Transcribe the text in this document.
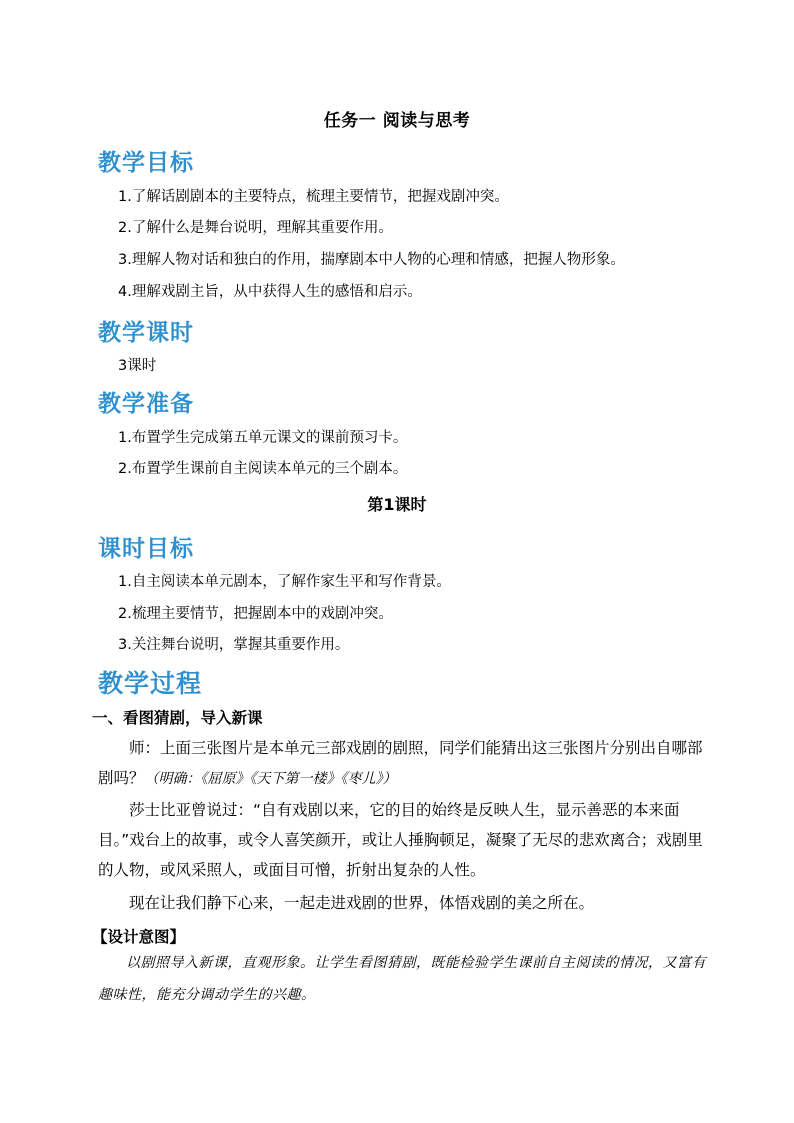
任务一 阅读与思考
教学目标
1.了解话剧剧本的主要特点，梳理主要情节，把握戏剧冲突。
2.了解什么是舞台说明，理解其重要作用。
3.理解人物对话和独白的作用，揣摩剧本中人物的心理和情感，把握人物形象。
4.理解戏剧主旨，从中获得人生的感悟和启示。
教学课时
3课时
教学准备
1.布置学生完成第五单元课文的课前预习卡。
2.布置学生课前自主阅读本单元的三个剧本。
第1课时
课时目标
1.自主阅读本单元剧本，了解作家生平和写作背景。
2.梳理主要情节，把握剧本中的戏剧冲突。
3.关注舞台说明，掌握其重要作用。
教学过程
一、看图猜剧，导入新课
师：上面三张图片是本单元三部戏剧的剧照，同学们能猜出这三张图片分别出自哪部剧吗？（明确：《屈原》《天下第一楼》《枣儿》）
莎士比亚曾说过：“自有戏剧以来，它的目的始终是反映人生，显示善恶的本来面目。”戏台上的故事，或令人喜笑颜开，或让人捶胸顿足，凝聚了无尽的悲欢离合；戏剧里的人物，或风采照人，或面目可憎，折射出复杂的人性。
现在让我们静下心来，一起走进戏剧的世界，体悟戏剧的美之所在。
【设计意图】
以剧照导入新课，直观形象。让学生看图猜剧，既能检验学生课前自主阅读的情况，又富有趣味性，能充分调动学生的兴趣。
